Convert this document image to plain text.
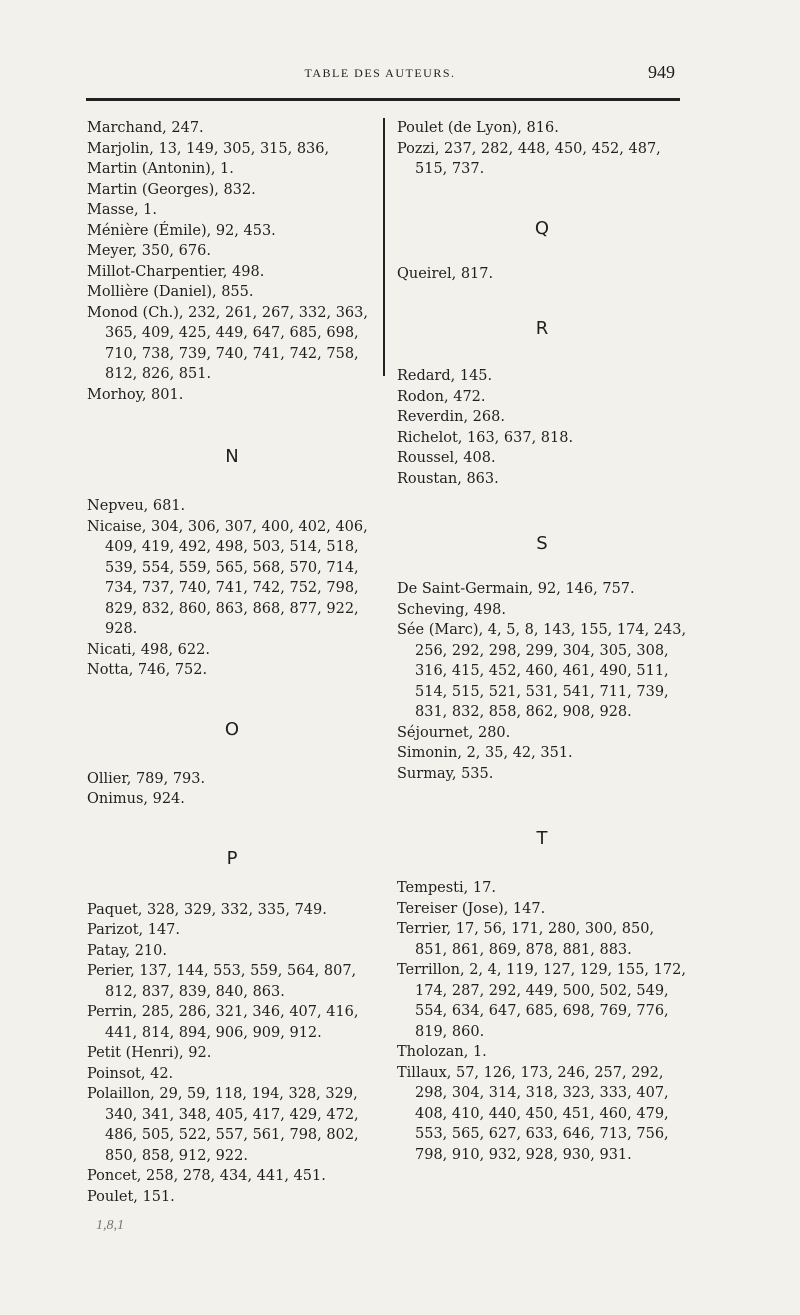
TABLE DES AUTEURS.	949

Marchand, 247.

Marjolin, 13, 149, 305, 315, 836,

Martin (Antonin), 1.

Martin (Georges), 832.

Masse, 1.

Ménière (Émile), 92, 453.

Meyer, 350, 676.

Millot-Charpentier, 498.

Mollière (Daniel), 855.

Monod (Ch.), 232, 261, 267, 332, 363, 365, 409, 425, 449, 647, 685, 698, 710, 738, 739, 740, 741, 742, 758, 812, 826, 851.

Morhoy, 801.

N

Nepveu, 681.

Nicaise, 304, 306, 307, 400, 402, 406, 409, 419, 492, 498, 503, 514, 518, 539, 554, 559, 565, 568, 570, 714, 734, 737, 740, 741, 742, 752, 798, 829, 832, 860, 863, 868, 877, 922, 928.

Nicati, 498, 622.

Notta, 746, 752.

O

Ollier, 789, 793.

Onimus, 924.

P

Paquet, 328, 329, 332, 335, 749.

Parizot, 147.

Patay, 210.

Perier, 137, 144, 553, 559, 564, 807, 812, 837, 839, 840, 863.

Perrin, 285, 286, 321, 346, 407, 416, 441, 814, 894, 906, 909, 912.

Petit (Henri), 92.

Poinsot, 42.

Polaillon, 29, 59, 118, 194, 328, 329, 340, 341, 348, 405, 417, 429, 472, 486, 505, 522, 557, 561, 798, 802, 850, 858, 912, 922.

Poncet, 258, 278, 434, 441, 451.

Poulet, 151.

Poulet (de Lyon), 816.

Pozzi, 237, 282, 448, 450, 452, 487, 515, 737.

Q

Queirel, 817.

R

Redard, 145.

Rodon, 472.

Reverdin, 268.

Richelot, 163, 637, 818.

Roussel, 408.

Roustan, 863.

S

De Saint-Germain, 92, 146, 757.

Scheving, 498.

Sée (Marc), 4, 5, 8, 143, 155, 174, 243, 256, 292, 298, 299, 304, 305, 308, 316, 415, 452, 460, 461, 490, 511, 514, 515, 521, 531, 541, 711, 739, 831, 832, 858, 862, 908, 928.

Séjournet, 280.

Simonin, 2, 35, 42, 351.

Surmay, 535.

T

Tempesti, 17.

Tereiser (Jose), 147.

Terrier, 17, 56, 171, 280, 300, 850, 851, 861, 869, 878, 881, 883.

Terrillon, 2, 4, 119, 127, 129, 155, 172, 174, 287, 292, 449, 500, 502, 549, 554, 634, 647, 685, 698, 769, 776, 819, 860.

Tholozan, 1.

Tillaux, 57, 126, 173, 246, 257, 292, 298, 304, 314, 318, 323, 333, 407, 408, 410, 440, 450, 451, 460, 479, 553, 565, 627, 633, 646, 713, 756, 798, 910, 932, 928, 930, 931.

1,8,1
